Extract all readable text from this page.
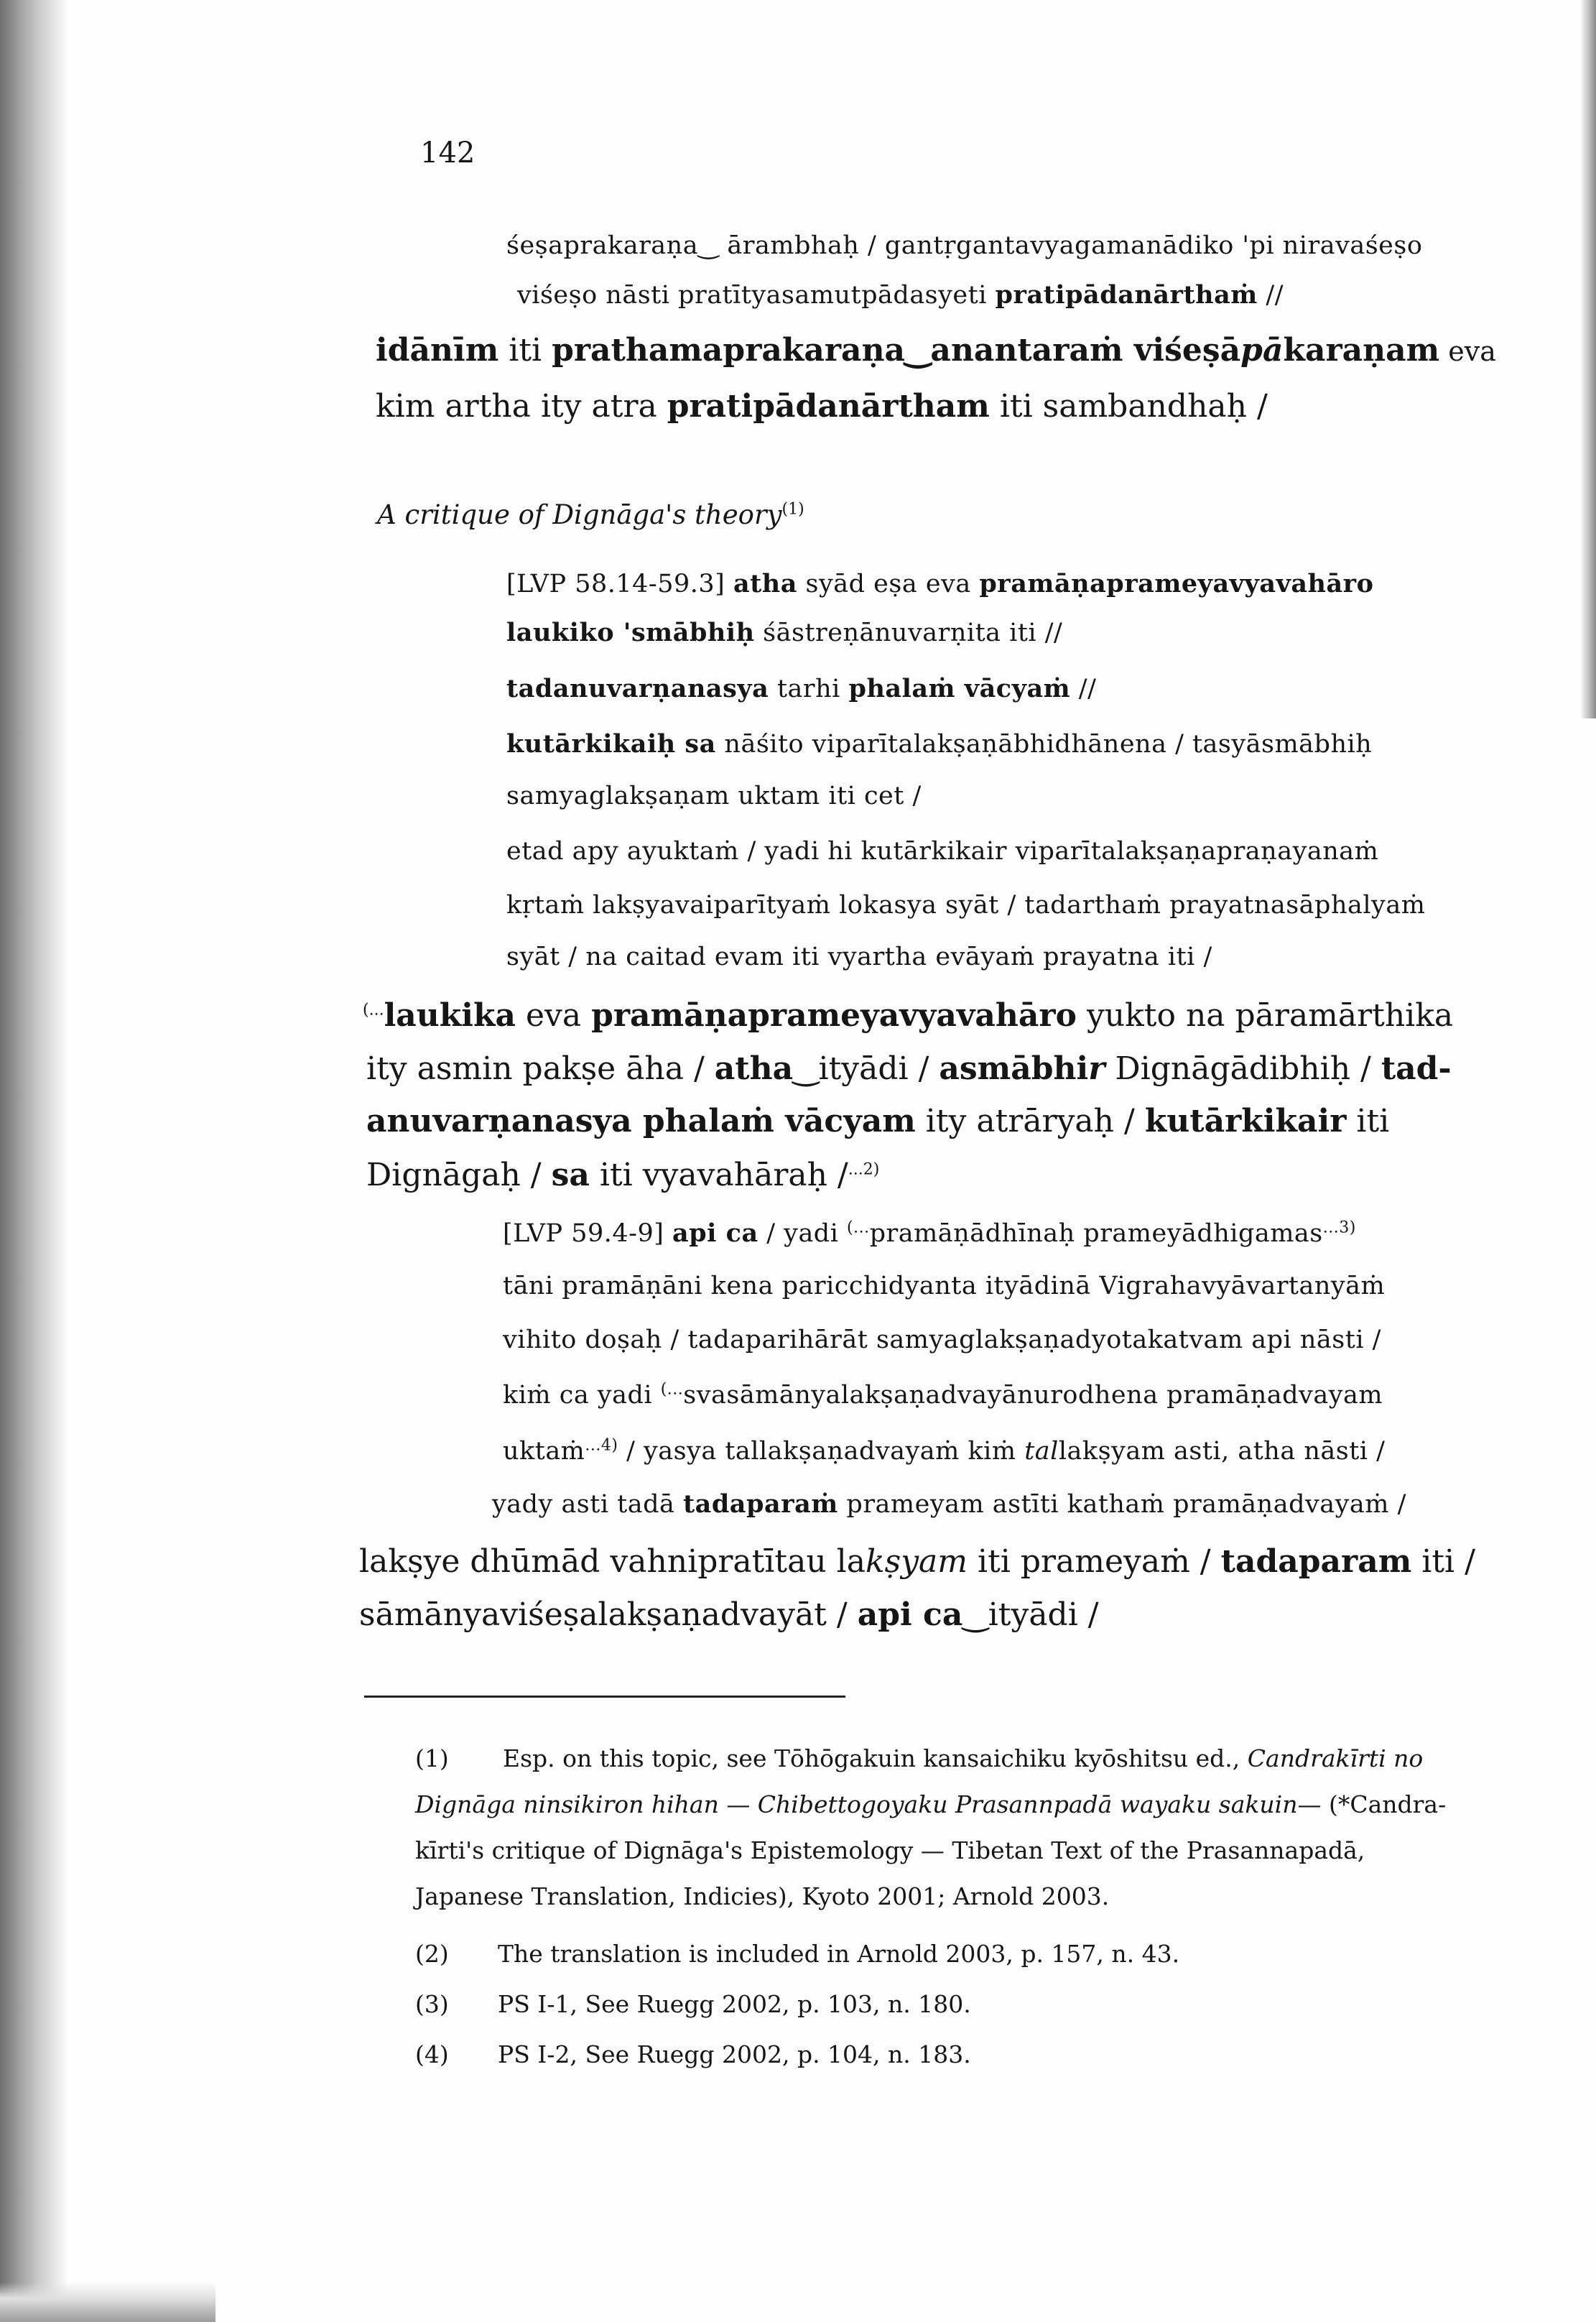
142
śeṣaprakaraṇa‿ ārambhaḥ / gantṛgantavyagamanādiko 'pi niravaśeṣo
viśeṣo nāsti pratītyasamutpādasyeti pratipādanārthaṁ //
idānīm iti prathamaprakaraṇa‿anantaraṁ viśeṣāpākaraṇam eva
kim artha ity atra pratipādanārtham iti sambandhaḥ /
A critique of Dignāga's theory$^{(1)}$
[LVP 58.14-59.3] atha syād eṣa eva pramāṇaprameyavyavahāro
laukiko 'smābhiḥ śāstreṇānuvarṇita iti //
tadanuvarṇanasya tarhi phalaṁ vācyaṁ //
kutārkikaiḥ sa nāśito viparītalakṣaṇābhidhānena / tasyāsmābhiḥ
samyaglakṣaṇam uktam iti cet /
etad apy ayuktaṁ / yadi hi kutārkikair viparītalakṣaṇapraṇayanaṁ
kṛtaṁ lakṣyavaiparītyaṁ lokasya syāt / tadarthaṁ prayatnasāphalyaṁ
syāt / na caitad evam iti vyartha evāyaṁ prayatna iti /
(...laukika eva pramāṇaprameyavyavahāro yukto na pāramārthika
ity asmin pakṣe āha / atha‿ityādi / asmābhir Dignāgādibhiḥ / tad-
anuvarṇanasya phalaṁ vācyam ity atrāryaḥ / kutārkikair iti
Dignāgaḥ / sa iti vyavahāraḥ /$^{...2)}$
[LVP 59.4-9] api ca / yadi (...pramāṇādhīnaḥ prameyādhigamas$^{...3)}$
tāni pramāṇāni kena paricchidyanta ityādinā Vigrahavyāvartanyāṁ
vihito doṣaḥ / tadaparihārāt samyaglakṣaṇadyotakatvam api nāsti /
kiṁ ca yadi (...svasāmānyalakṣaṇadvayānurodhena pramāṇadvayam
uktaṁ$^{...4)}$ / yasya tallakṣaṇadvayaṁ kiṁ tallakṣyam asti, atha nāsti /
yady asti tadā tadaparaṁ prameyam astīti kathaṁ pramāṇadvayaṁ /
lakṣye dhūmād vahnipratītau lakṣyam iti prameyaṁ / tadaparam iti /
sāmānyaviśeṣalakṣaṇadvayāt / api ca‿ityādi /
(1) Esp. on this topic, see Tōhōgakuin kansaichiku kyōshitsu ed., Candrakīrti no
Dignāga ninsikiron hihan — Chibettogoyaku Prasannpadā wayaku sakuin— (*Candra-
kīrti's critique of Dignāga's Epistemology — Tibetan Text of the Prasannapadā,
Japanese Translation, Indicies), Kyoto 2001; Arnold 2003.
(2) The translation is included in Arnold 2003, p. 157, n. 43.
(3) PS I-1, See Ruegg 2002, p. 103, n. 180.
(4) PS I-2, See Ruegg 2002, p. 104, n. 183.
